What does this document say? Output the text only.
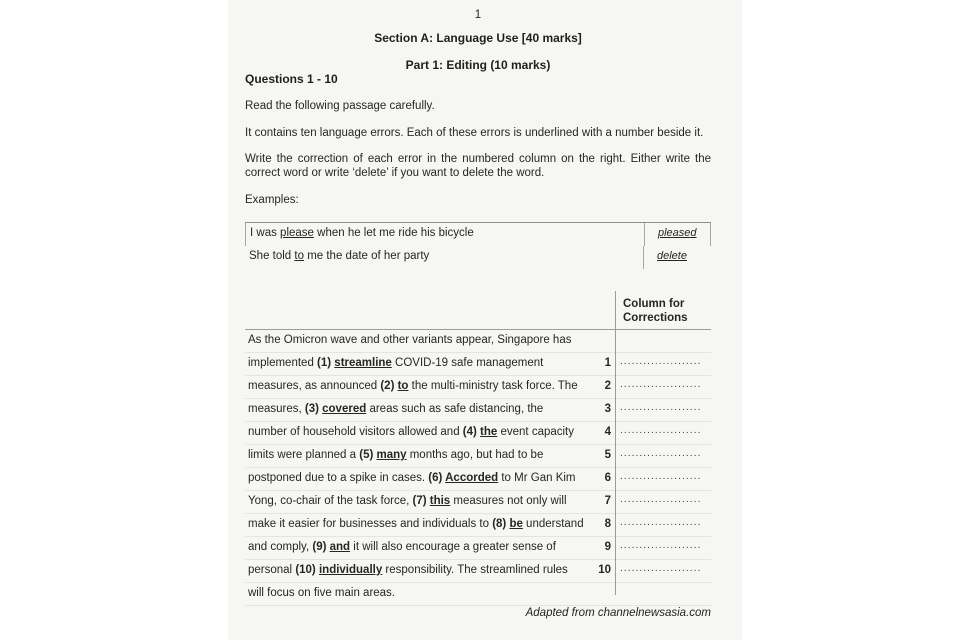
1
Section A: Language Use [40 marks]
Part 1: Editing (10 marks)
Questions 1 - 10
Read the following passage carefully.
It contains ten language errors. Each of these errors is underlined with a number beside it.
Write the correction of each error in the numbered column on the right. Either write the
correct word or write ‘delete’ if you want to delete the word.
Examples:
I was please when he let me ride his bicycle	pleased
She told to me the date of her party	delete
Column for
Corrections
As the Omicron wave and other variants appear, Singapore has
implemented (1) streamline COVID-19 safe management	1 .....................
measures, as announced (2) to the multi-ministry task force. The	2 .....................
measures, (3) covered areas such as safe distancing, the	3 .....................
number of household visitors allowed and (4) the event capacity	4 .....................
limits were planned a (5) many months ago, but had to be	5 .....................
postponed due to a spike in cases. (6) Accorded to Mr Gan Kim	6 .....................
Yong, co-chair of the task force, (7) this measures not only will	7 .....................
make it easier for businesses and individuals to (8) be understand	8 .....................
and comply, (9) and it will also encourage a greater sense of	9 .....................
personal (10) individually responsibility. The streamlined rules	10 .....................
will focus on five main areas.
Adapted from channelnewsasia.com
